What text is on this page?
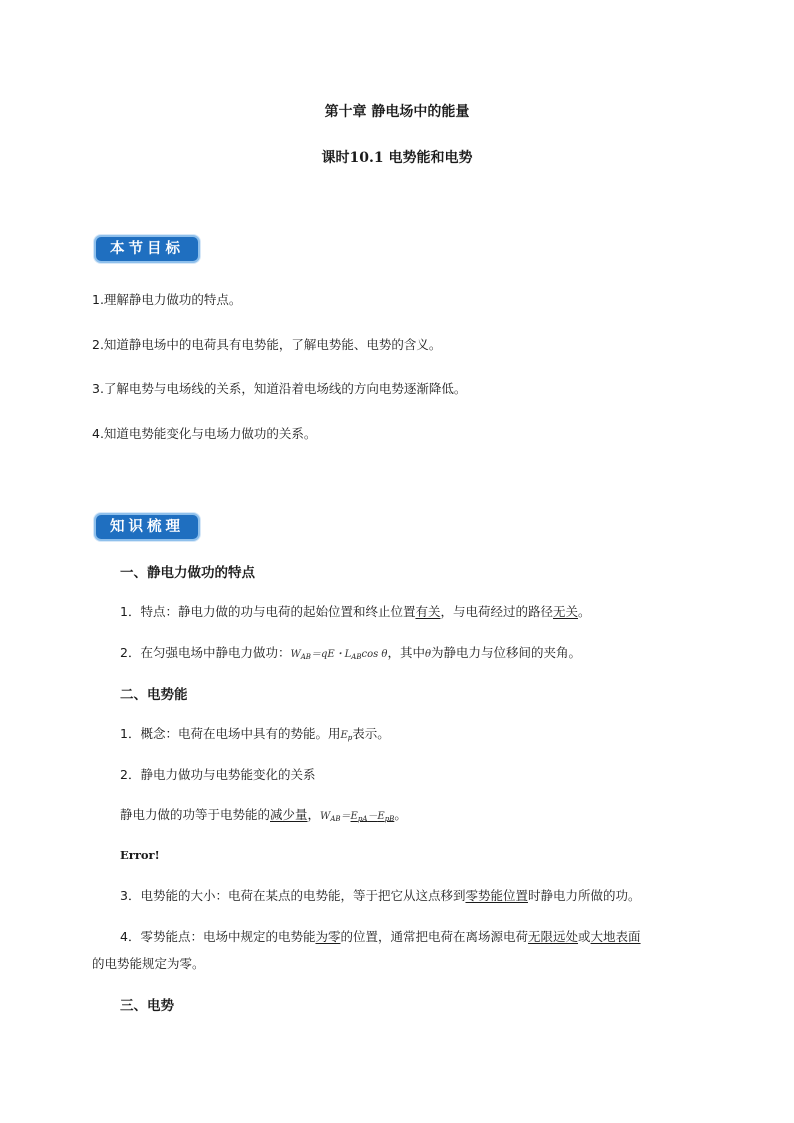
第十章 静电场中的能量
课时10.1 电势能和电势
本节目标
1.理解静电力做功的特点。
2.知道静电场中的电荷具有电势能，了解电势能、电势的含义。
3.了解电势与电场线的关系，知道沿着电场线的方向电势逐渐降低。
4.知道电势能变化与电场力做功的关系。
知识梳理
一、静电力做功的特点
1．特点：静电力做的功与电荷的起始位置和终止位置有关，与电荷经过的路径无关。
2．在匀强电场中静电力做功：$W_{AB}=qE$・$L_{AB}\cos$ θ，其中θ为静电力与位移间的夹角。
二、电势能
1．概念：电荷在电场中具有的势能。用$E_p$表示。
2．静电力做功与电势能变化的关系
静电力做的功等于电势能的减少量，$W_{AB}=E_{pA}-E_{pB}$。
Error!
3．电势能的大小：电荷在某点的电势能，等于把它从这点移到零势能位置时静电力所做的功。
4．零势能点：电场中规定的电势能为零的位置，通常把电荷在离场源电荷无限远处或大地表面
的电势能规定为零。
三、电势
